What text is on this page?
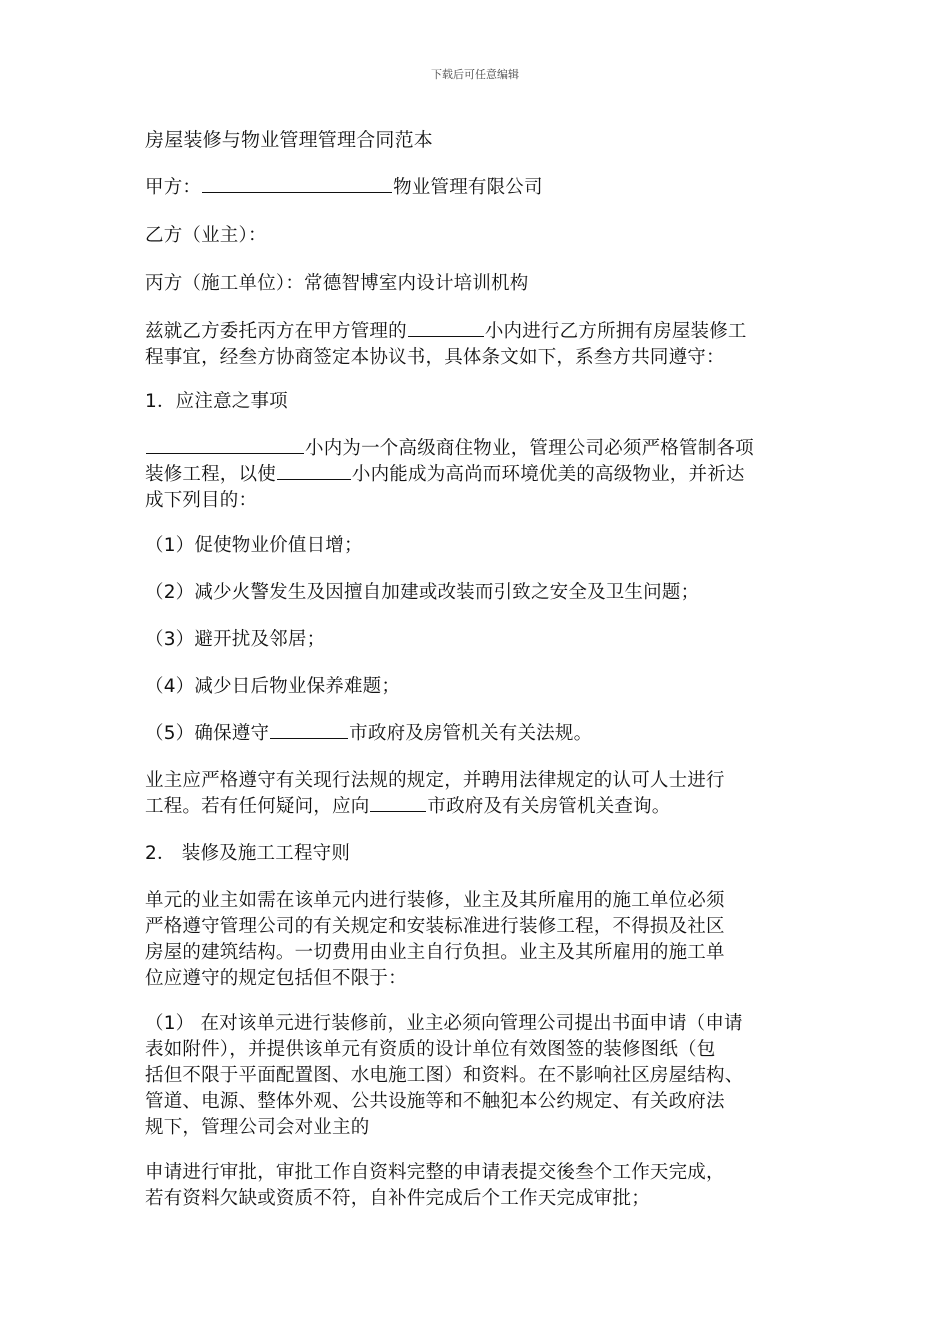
下载后可任意编辑
房屋装修与物业管理管理合同范本
甲方：	物业管理有限公司
乙方（业主）：
丙方（施工单位）：常德智博室内设计培训机构
兹就乙方委托丙方在甲方管理的	小内进行乙方所拥有房屋装修工
程事宜，经叁方协商签定本协议书，具体条文如下，系叁方共同遵守：
1．应注意之事项
小内为一个高级商住物业，管理公司必须严格管制各项
装修工程，以使	小内能成为高尚而环境优美的高级物业，并祈达
成下列目的：
（1）促使物业价值日增；
（2）减少火警发生及因擅自加建或改装而引致之安全及卫生问题；
（3）避开扰及邻居；
（4）减少日后物业保养难题；
（5）确保遵守	市政府及房管机关有关法规。
业主应严格遵守有关现行法规的规定，并聘用法律规定的认可人士进行
工程。若有任何疑问，应向	市政府及有关房管机关查询。
2． 装修及施工工程守则
单元的业主如需在该单元内进行装修，业主及其所雇用的施工单位必须
严格遵守管理公司的有关规定和安装标准进行装修工程，不得损及社区
房屋的建筑结构。一切费用由业主自行负担。业主及其所雇用的施工单
位应遵守的规定包括但不限于：
（1） 在对该单元进行装修前，业主必须向管理公司提出书面申请（申请
表如附件），并提供该单元有资质的设计单位有效图签的装修图纸（包
括但不限于平面配置图、水电施工图）和资料。在不影响社区房屋结构、
管道、电源、整体外观、公共设施等和不触犯本公约规定、有关政府法
规下，管理公司会对业主的
申请进行审批，审批工作自资料完整的申请表提交後叁个工作天完成，
若有资料欠缺或资质不符，自补件完成后个工作天完成审批；
